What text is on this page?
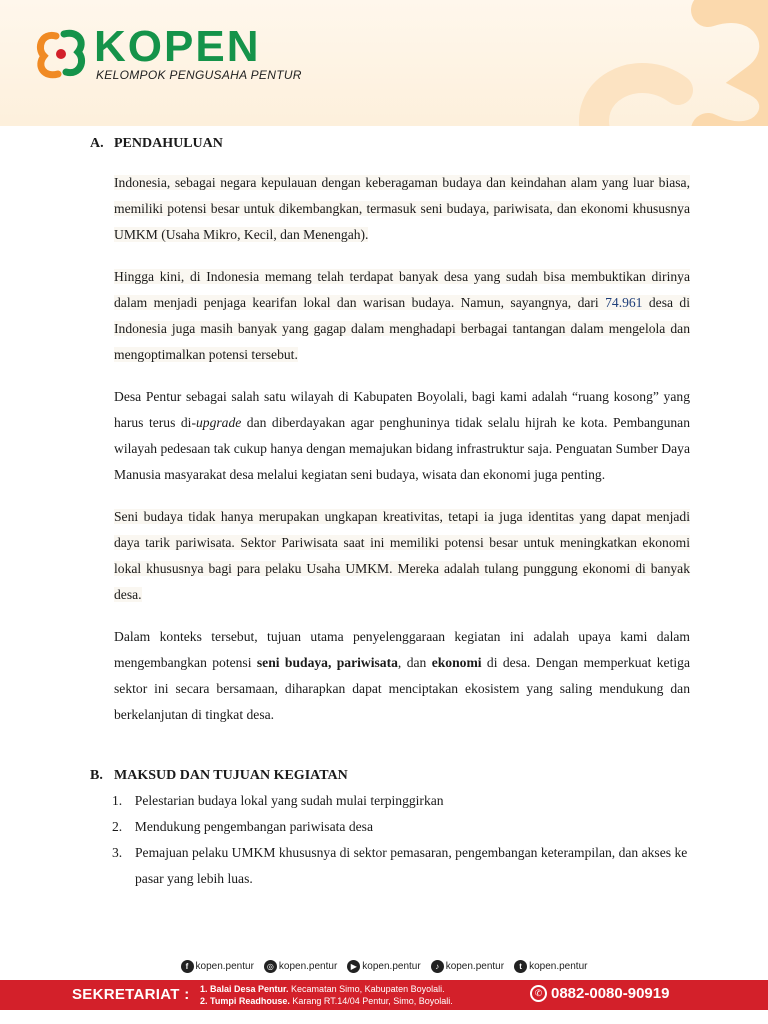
KOPEN
KELOMPOK PENGUSAHA PENTUR
A. PENDAHULUAN

Indonesia, sebagai negara kepulauan dengan keberagaman budaya dan keindahan alam yang luar biasa, memiliki potensi besar untuk dikembangkan, termasuk seni budaya, pariwisata, dan ekonomi khususnya UMKM (Usaha Mikro, Kecil, dan Menengah).

Hingga kini, di Indonesia memang telah terdapat banyak desa yang sudah bisa membuktikan dirinya dalam menjadi penjaga kearifan lokal dan warisan budaya. Namun, sayangnya, dari 74.961 desa di Indonesia juga masih banyak yang gagap dalam menghadapi berbagai tantangan dalam mengelola dan mengoptimalkan potensi tersebut.

Desa Pentur sebagai salah satu wilayah di Kabupaten Boyolali, bagi kami adalah “ruang kosong” yang harus terus di-upgrade dan diberdayakan agar penghuninya tidak selalu hijrah ke kota. Pembangunan wilayah pedesaan tak cukup hanya dengan memajukan bidang infrastruktur saja. Penguatan Sumber Daya Manusia masyarakat desa melalui kegiatan seni budaya, wisata dan ekonomi juga penting.

Seni budaya tidak hanya merupakan ungkapan kreativitas, tetapi ia juga identitas yang dapat menjadi daya tarik pariwisata. Sektor Pariwisata saat ini memiliki potensi besar untuk meningkatkan ekonomi lokal khususnya bagi para pelaku Usaha UMKM. Mereka adalah tulang punggung ekonomi di banyak desa.

Dalam konteks tersebut, tujuan utama penyelenggaraan kegiatan ini adalah upaya kami dalam mengembangkan potensi seni budaya, pariwisata, dan ekonomi di desa. Dengan memperkuat ketiga sektor ini secara bersamaan, diharapkan dapat menciptakan ekosistem yang saling mendukung dan berkelanjutan di tingkat desa.

B. MAKSUD DAN TUJUAN KEGIATAN
1. Pelestarian budaya lokal yang sudah mulai terpinggirkan
2. Mendukung pengembangan pariwisata desa
3. Pemajuan pelaku UMKM khususnya di sektor pemasaran, pengembangan keterampilan, dan akses ke pasar yang lebih luas.
f kopen.pentur	◎ kopen.pentur	▶ kopen.pentur	♪ kopen.pentur	t kopen.pentur
SEKRETARIAT : 1. Balai Desa Pentur. Kecamatan Simo, Kabupaten Boyolali.
2. Tumpi Readhouse. Karang RT.14/04 Pentur, Simo, Boyolali.
✆ 0882-0080-90919
